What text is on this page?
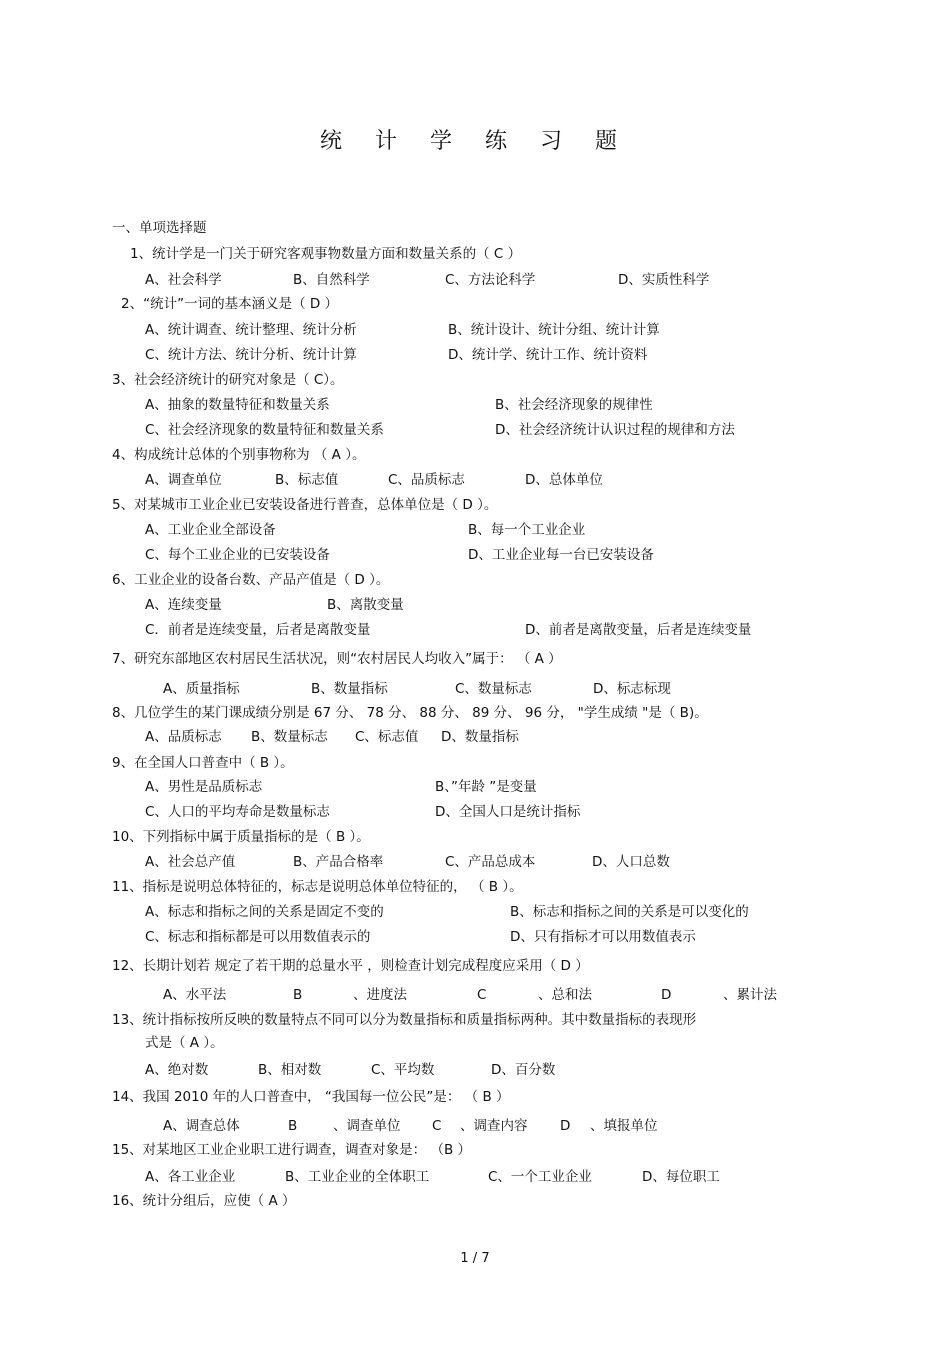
统 计 学 练 习 题
一、单项选择题
1、统计学是一门关于研究客观事物数量方面和数量关系的（ C ）
A、社会科学	B、自然科学	C、方法论科学	D、实质性科学
2、“统计”一词的基本涵义是（ D ）
A、统计调查、统计整理、统计分析	B、统计设计、统计分组、统计计算
C、统计方法、统计分析、统计计算	D、统计学、统计工作、统计资料
3、社会经济统计的研究对象是（ C）。
A、抽象的数量特征和数量关系	B、社会经济现象的规律性
C、社会经济现象的数量特征和数量关系	D、社会经济统计认识过程的规律和方法
4、构成统计总体的个别事物称为 （ A ）。
A、调查单位	B、标志值	C、品质标志	D、总体单位
5、对某城市工业企业已安装设备进行普查，总体单位是（ D ）。
A、工业企业全部设备	B、每一个工业企业
C、每个工业企业的已安装设备	D、工业企业每一台已安装设备
6、工业企业的设备台数、产品产值是（ D ）。
A、连续变量	B、离散变量
C．前者是连续变量，后者是离散变量	D、前者是离散变量，后者是连续变量
7、研究东部地区农村居民生活状况，则“农村居民人均收入”属于： （ A ）
A、质量指标	B、数量指标	C、数量标志	D、标志标现
8、几位学生的某门课成绩分别是 67 分、 78 分、 88 分、 89 分、 96 分， "学生成绩 "是（ B)。
A、品质标志 B、数量标志 C、标志值 D、数量指标
9、在全国人口普查中（ B ）。
A、男性是品质标志	B、”年龄 ”是变量
C、人口的平均寿命是数量标志	D、全国人口是统计指标
10、下列指标中属于质量指标的是（ B ）。
A、社会总产值	B、产品合格率	C、产品总成本	D、人口总数
11、指标是说明总体特征的，标志是说明总体单位特征的， （ B ）。
A、标志和指标之间的关系是固定不变的	B、标志和指标之间的关系是可以变化的
C、标志和指标都是可以用数值表示的	D、只有指标才可以用数值表示
12、长期计划若 规定了若干期的总量水平 ，则检查计划完成程度应采用（ D ）
A、水平法	B	、进度法	C	、总和法	D	、累计法
13、统计指标按所反映的数量特点不同可以分为数量指标和质量指标两种。其中数量指标的表现形
式是（ A ）。
A、绝对数	B、相对数	C、平均数	D、百分数
14、我国 2010 年的人口普查中， “我国每一位公民”是： （ B ）
A、调查总体	B	、调查单位 C 、调查内容 D 、填报单位
15、对某地区工业企业职工进行调查，调查对象是： （B ）
A、各工业企业	B、工业企业的全体职工	C、一个工业企业	D、每位职工
16、统计分组后，应使（ A ）
1 / 7
